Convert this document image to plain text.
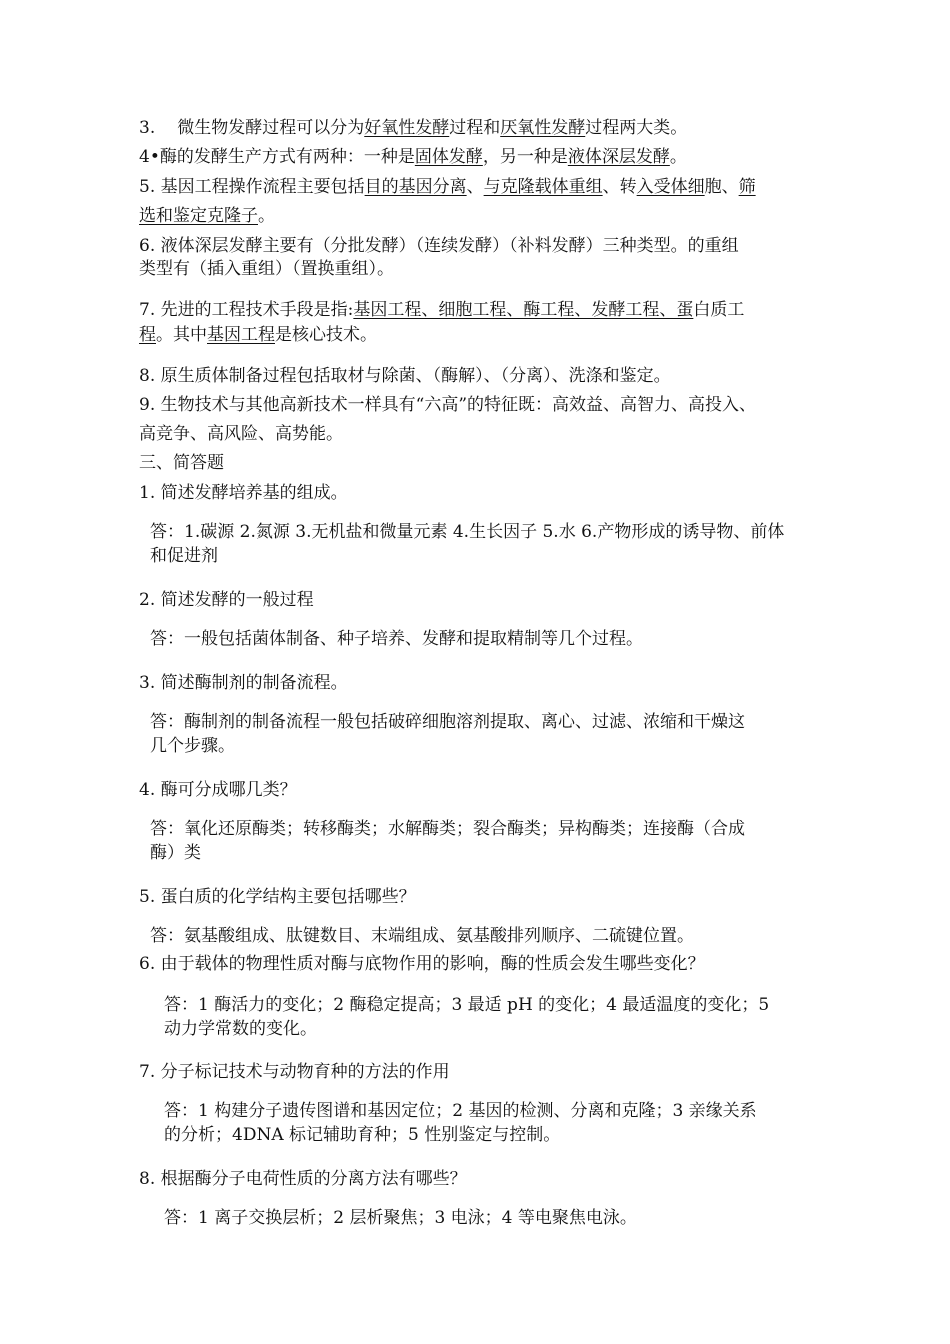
3. 微生物发酵过程可以分为好氧性发酵过程和厌氧性发酵过程两大类。
4•酶的发酵生产方式有两种：一种是固体发酵，另一种是液体深层发酵。
5. 基因工程操作流程主要包括目的基因分离、与克隆载体重组、转入受体细胞、筛
选和鉴定克隆子。
6. 液体深层发酵主要有（分批发酵）（连续发酵）（补料发酵）三种类型。的重组
类型有（插入重组）（置换重组）。
7. 先进的工程技术手段是指:基因工程、细胞工程、酶工程、发酵工程、蛋白质工
程。其中基因工程是核心技术。
8. 原生质体制备过程包括取材与除菌、（酶解）、（分离）、洗涤和鉴定。
9. 生物技术与其他高新技术一样具有“六高”的特征既：高效益、高智力、高投入、
高竞争、高风险、高势能。
三、简答题
1. 简述发酵培养基的组成。
答：1.碳源 2.氮源 3.无机盐和微量元素 4.生长因子 5.水 6.产物形成的诱导物、前体
和促进剂
2. 简述发酵的一般过程
答：一般包括菌体制备、种子培养、发酵和提取精制等几个过程。
3. 简述酶制剂的制备流程。
答：酶制剂的制备流程一般包括破碎细胞溶剂提取、离心、过滤、浓缩和干燥这
几个步骤。
4. 酶可分成哪几类？
答：氧化还原酶类；转移酶类；水解酶类；裂合酶类；异构酶类；连接酶（合成
酶）类
5. 蛋白质的化学结构主要包括哪些？
答：氨基酸组成、肽键数目、末端组成、氨基酸排列顺序、二硫键位置。
6. 由于载体的物理性质对酶与底物作用的影响，酶的性质会发生哪些变化？
答：1 酶活力的变化；2 酶稳定提高；3 最适 pH 的变化；4 最适温度的变化；5
动力学常数的变化。
7. 分子标记技术与动物育种的方法的作用
答：1 构建分子遗传图谱和基因定位；2 基因的检测、分离和克隆；3 亲缘关系
的分析；4DNA 标记辅助育种；5 性别鉴定与控制。
8. 根据酶分子电荷性质的分离方法有哪些？
答：1 离子交换层析；2 层析聚焦；3 电泳；4 等电聚焦电泳。
